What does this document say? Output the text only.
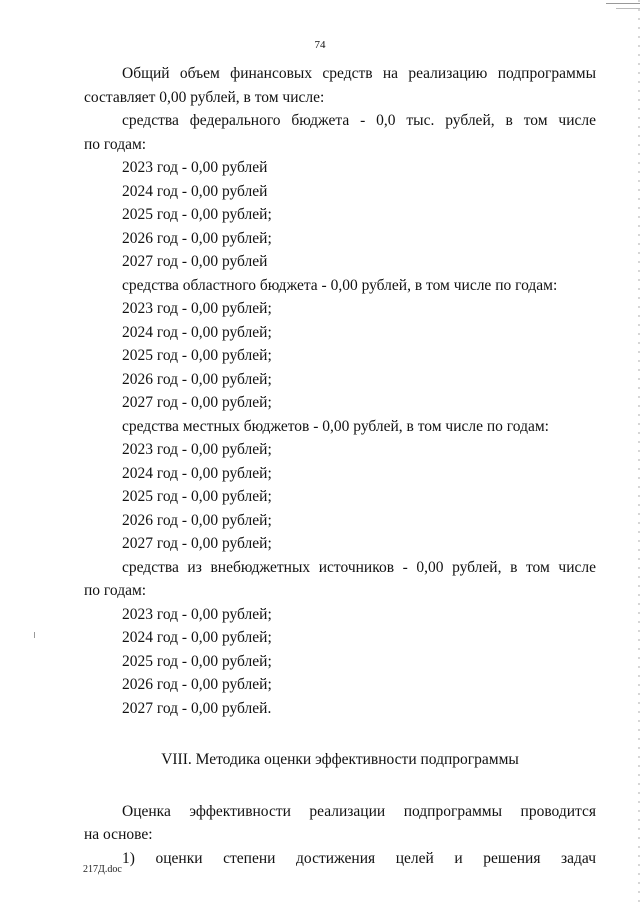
74
Общий объем финансовых средств на реализацию подпрограммы
составляет 0,00 рублей, в том числе:
средства федерального бюджета - 0,0 тыс. рублей, в том числе
по годам:
2023 год - 0,00 рублей
2024 год - 0,00 рублей
2025 год - 0,00 рублей;
2026 год - 0,00 рублей;
2027 год - 0,00 рублей
средства областного бюджета - 0,00 рублей, в том числе по годам:
2023 год - 0,00 рублей;
2024 год - 0,00 рублей;
2025 год - 0,00 рублей;
2026 год - 0,00 рублей;
2027 год - 0,00 рублей;
средства местных бюджетов - 0,00 рублей, в том числе по годам:
2023 год - 0,00 рублей;
2024 год - 0,00 рублей;
2025 год - 0,00 рублей;
2026 год - 0,00 рублей;
2027 год - 0,00 рублей;
средства из внебюджетных источников - 0,00 рублей, в том числе
по годам:
2023 год - 0,00 рублей;
2024 год - 0,00 рублей;
2025 год - 0,00 рублей;
2026 год - 0,00 рублей;
2027 год - 0,00 рублей.
VIII. Методика оценки эффективности подпрограммы
Оценка эффективности реализации подпрограммы проводится
на основе:
1) оценки степени достижения целей и решения задач
217Д.doc
